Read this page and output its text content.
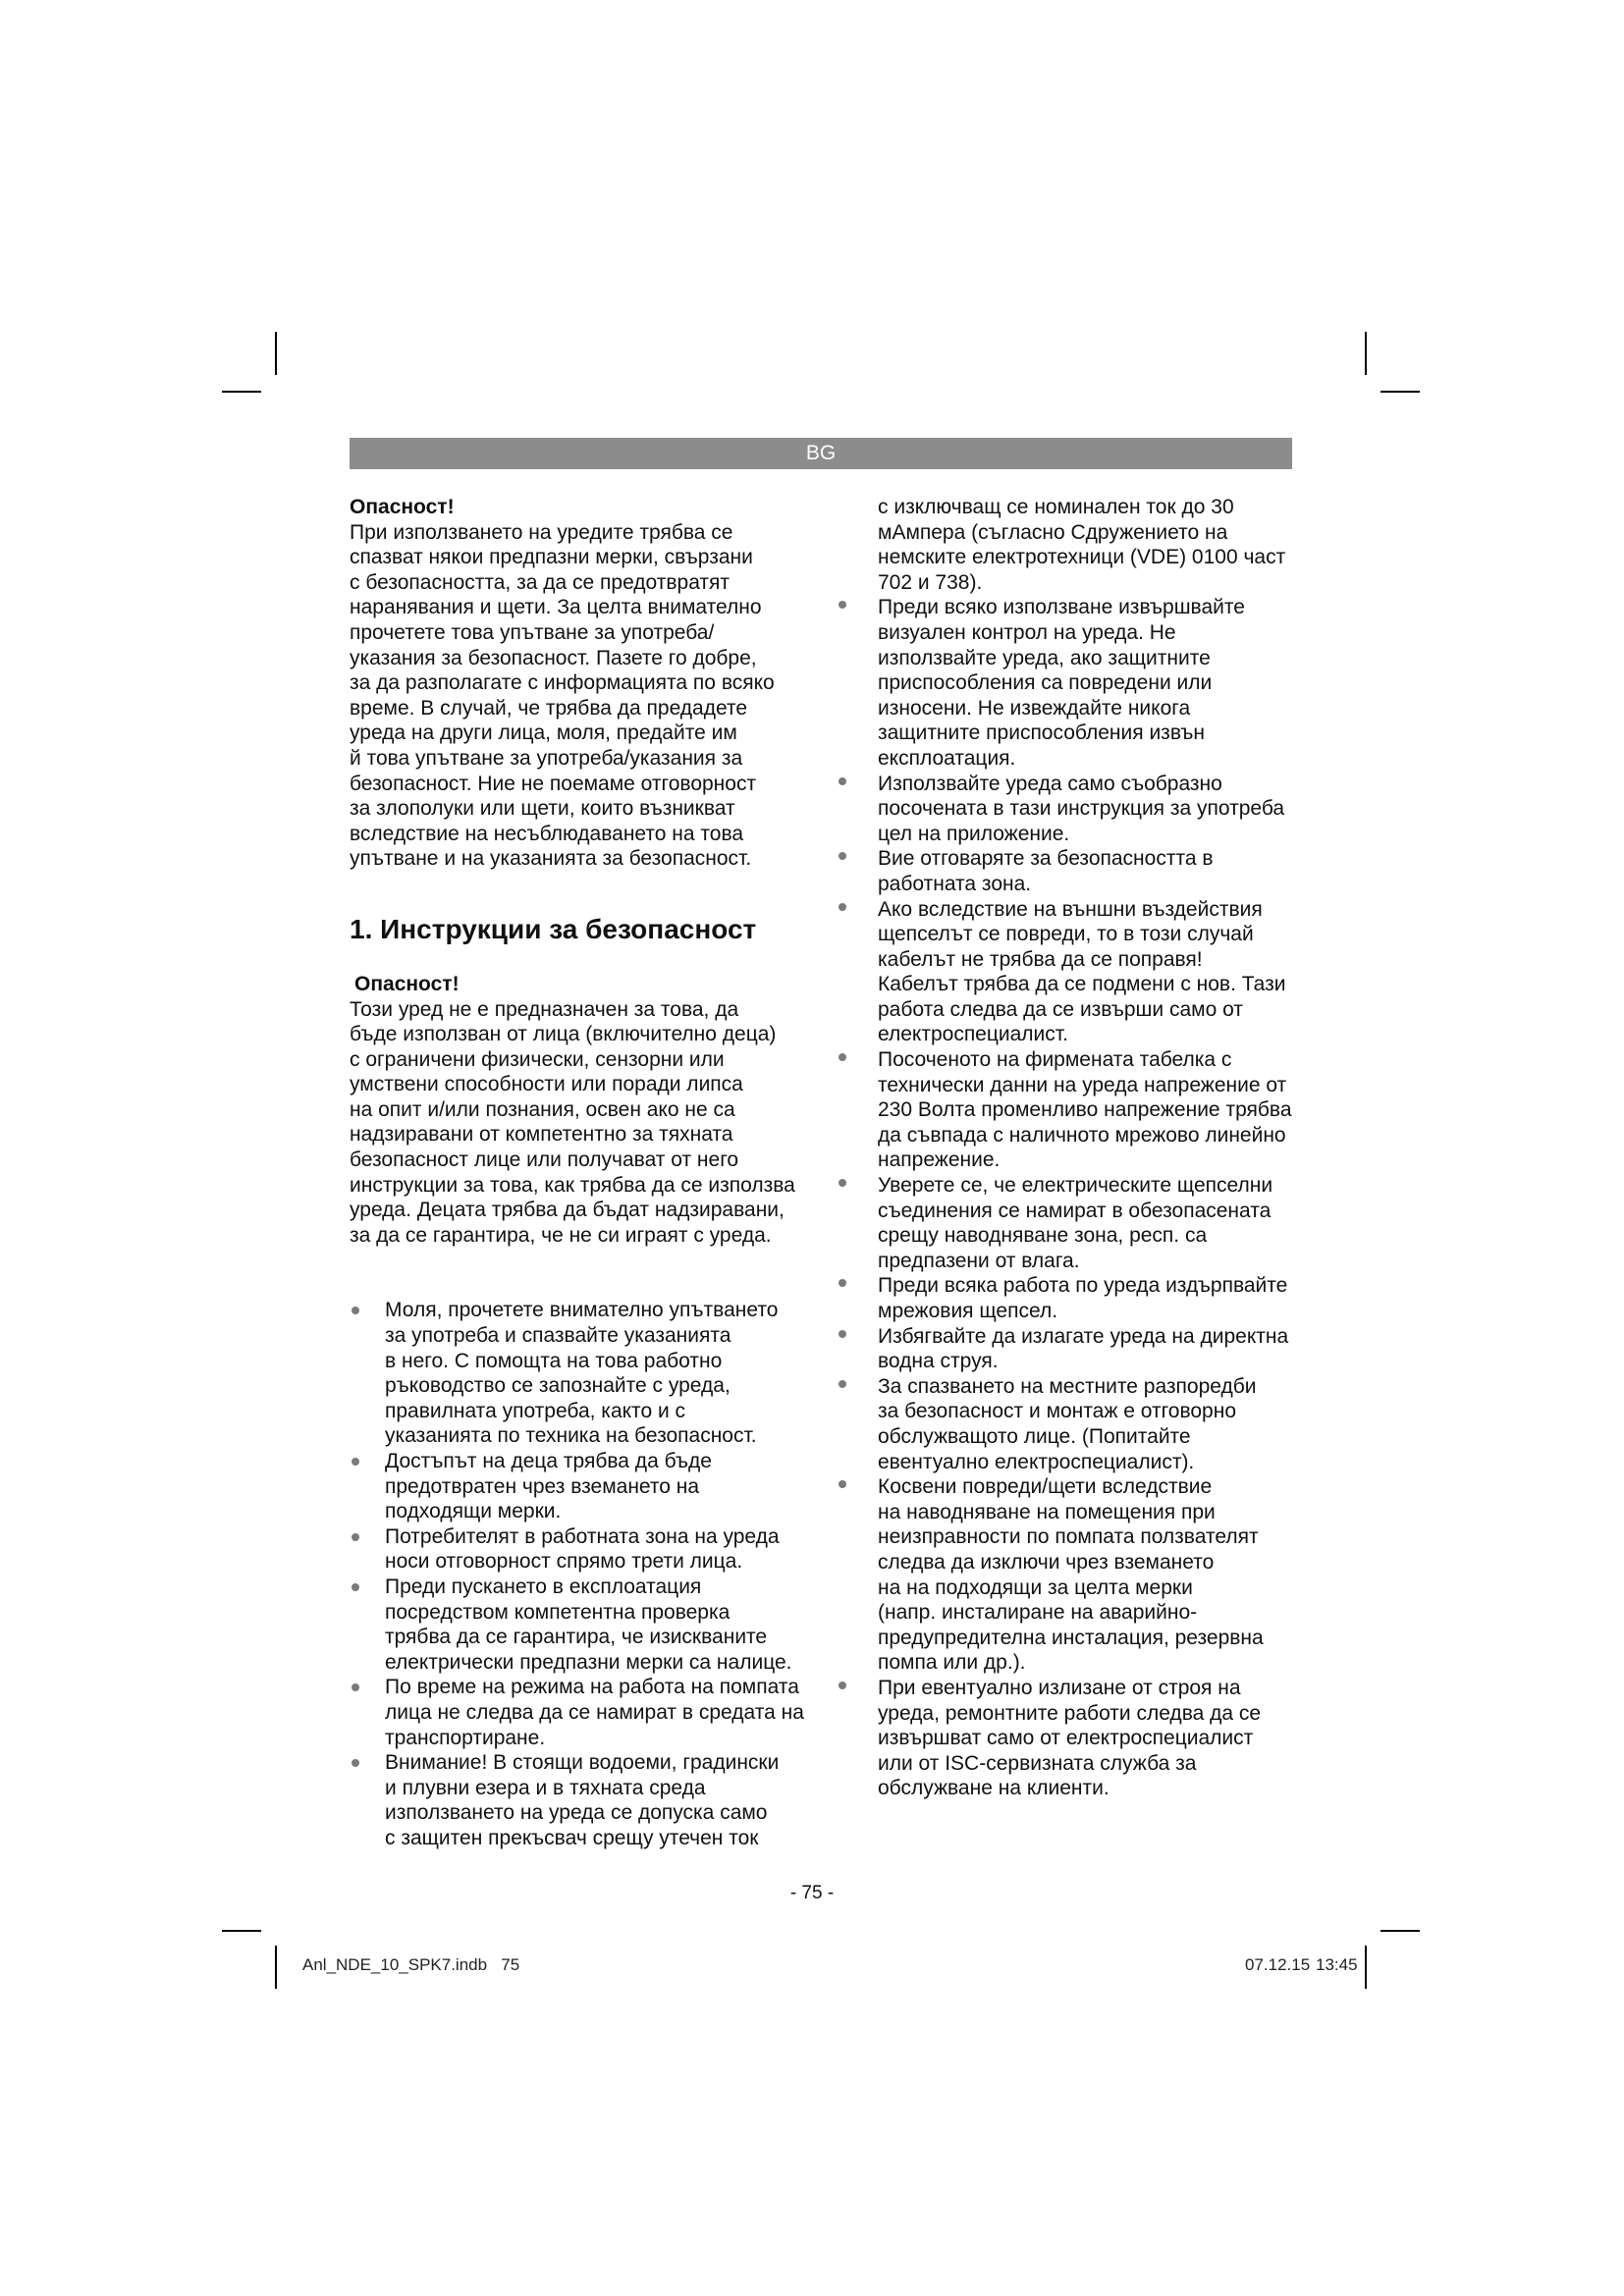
BG

Опасност!

При използването на уредите трябва се
спазват някои предпазни мерки, свързани
с безопасността, за да се предотвратят
наранявания и щети. За целта внимателно
прочетете това упътване за употреба/
указания за безопасност. Пазете го добре,
за да разполагате с информацията по всяко
време. В случай, че трябва да предадете
уреда на други лица, моля, предайте им
й това упътване за употреба/указания за
безопасност. Ние не поемаме отговорност
за злополуки или щети, които възникват
вследствие на несъблюдаването на това
упътване и на указанията за безопасност.

1. Инструкции за безопасност

Опасност!

Този уред не е предназначен за това, да
бъде използван от лица (включително деца)
с ограничени физически, сензорни или
умствени способности или поради липса
на опит и/или познания, освен ако не са
надзиравани от компетентно за тяхната
безопасност лице или получават от него
инструкции за това, как трябва да се използва
уреда. Децата трябва да бъдат надзиравани,
за да се гарантира, че не си играят с уреда.

Моля, прочетете внимателно упътването
за употреба и спазвайте указанията
в него. С помощта на това работно
ръководство се запознайте с уреда,
правилната употреба, както и с
указанията по техника на безопасност.
Достъпът на деца трябва да бъде
предотвратен чрез вземането на
подходящи мерки.
Потребителят в работната зона на уреда
носи отговорност спрямо трети лица.
Преди пускането в експлоатация
посредством компетентна проверка
трябва да се гарантира, че изискваните
електрически предпазни мерки са налице.
По време на режима на работа на помпата
лица не следва да се намират в средата на
транспортиране.
Внимание! В стоящи водоеми, градински
и плувни езера и в тяхната среда
използването на уреда се допуска само
с защитен прекъсвач срещу утечен ток

с изключващ се номинален ток до 30
мАмпера (съгласно Сдружението на
немските електротехници (VDE) 0100 част
702 и 738).

Преди всяко използване извършвайте
визуален контрол на уреда. Не
използвайте уреда, ако защитните
приспособления са повредени или
износени. Не извеждайте никога
защитните приспособления извън
експлоатация.
Използвайте уреда само съобразно
посочената в тази инструкция за употреба
цел на приложение.
Вие отговаряте за безопасността в
работната зона.
Ако вследствие на външни въздействия
щепселът се повреди, то в този случай
кабелът не трябва да се поправя!
Кабелът трябва да се подмени с нов. Тази
работа следва да се извърши само от
електроспециалист.
Посоченото на фирмената табелка с
технически данни на уреда напрежение от
230 Волта променливо напрежение трябва
да съвпада с наличното мрежово линейно
напрежение.
Уверете се, че електрическите щепселни
съединения се намират в обезопасената
срещу наводняване зона, респ. са
предпазени от влага.
Преди всяка работа по уреда издърпвайте
мрежовия щепсел.
Избягвайте да излагате уреда на директна
водна струя.
За спазването на местните разпоредби
за безопасност и монтаж е отговорно
обслужващото лице. (Попитайте
евентуално електроспециалист).
Косвени повреди/щети вследствие
на наводняване на помещения при
неизправности по помпата ползвателят
следва да изключи чрез вземането
на на подходящи за целта мерки
(напр. инсталиране на аварийно-
предупредителна инсталация, резервна
помпа или др.).
При евентуално излизане от строя на
уреда, ремонтните работи следва да се
извършват само от електроспециалист
или от ISC-сервизната служба за
обслужване на клиенти.
- 75 -
Anl_NDE_10_SPK7.indb   75	07.12.15 13:45
